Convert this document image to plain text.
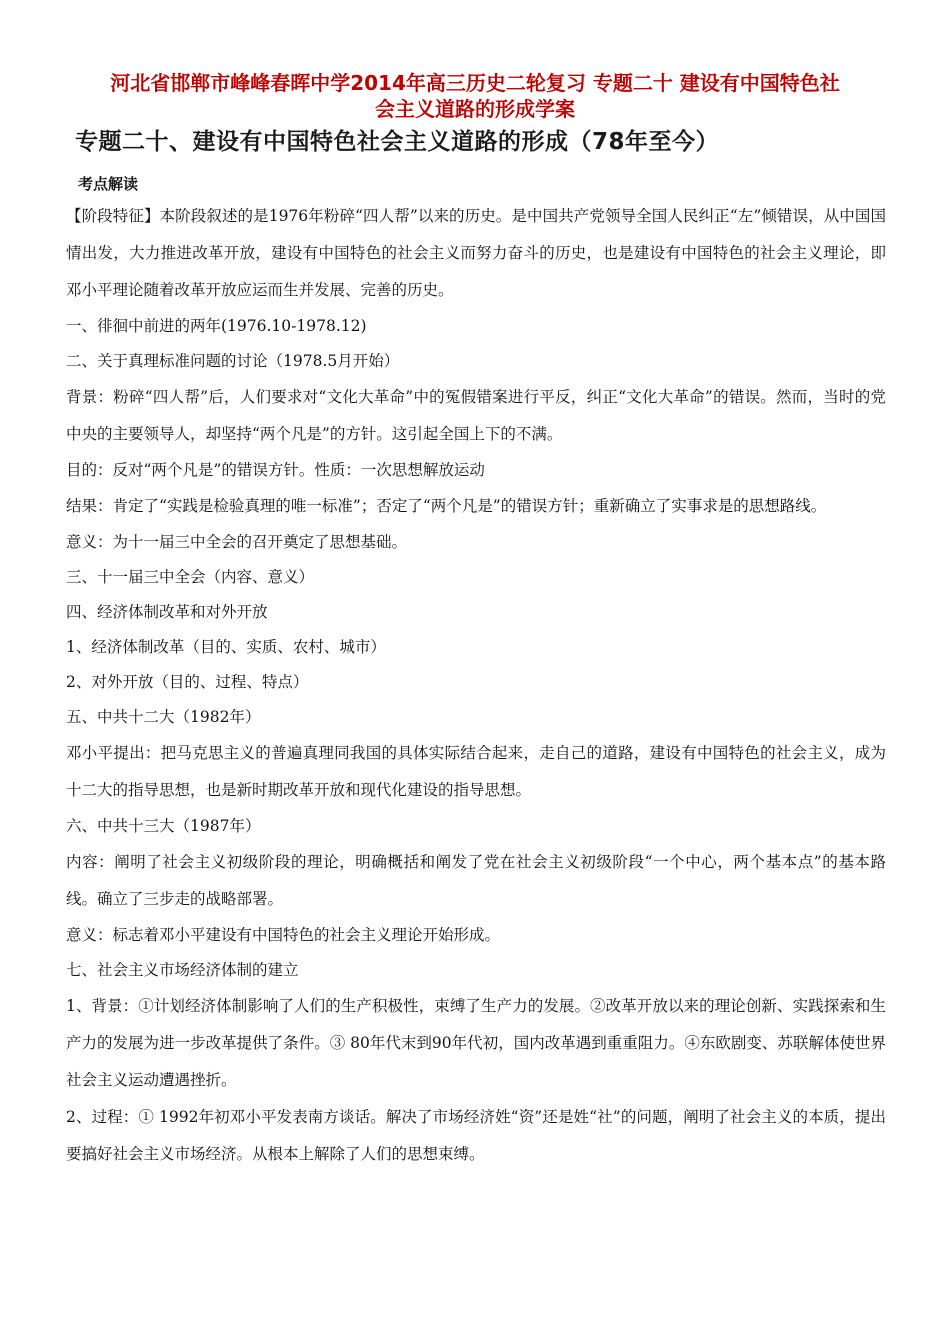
河北省邯郸市峰峰春晖中学2014年高三历史二轮复习 专题二十 建设有中国特色社
会主义道路的形成学案
专题二十、建设有中国特色社会主义道路的形成（78年至今）
考点解读

【阶段特征】本阶段叙述的是1976年粉碎“四人帮”以来的历史。是中国共产党领导全国人民纠正“左”倾错误，从中国国情出发，大力推进改革开放，建设有中国特色的社会主义而努力奋斗的历史，也是建设有中国特色的社会主义理论，即邓小平理论随着改革开放应运而生并发展、完善的历史。

一、徘徊中前进的两年(1976.10-1978.12)

二、关于真理标准问题的讨论（1978.5月开始）

背景：粉碎“四人帮”后，人们要求对“文化大革命”中的冤假错案进行平反，纠正“文化大革命”的错误。然而，当时的党中央的主要领导人，却坚持“两个凡是”的方针。这引起全国上下的不满。

目的：反对“两个凡是”的错误方针。性质：一次思想解放运动

结果：肯定了“实践是检验真理的唯一标准”；否定了“两个凡是”的错误方针；重新确立了实事求是的思想路线。

意义：为十一届三中全会的召开奠定了思想基础。

三、十一届三中全会（内容、意义）

四、经济体制改革和对外开放

1、经济体制改革（目的、实质、农村、城市）

2、对外开放（目的、过程、特点）

五、中共十二大（1982年）

邓小平提出：把马克思主义的普遍真理同我国的具体实际结合起来，走自己的道路，建设有中国特色的社会主义，成为十二大的指导思想，也是新时期改革开放和现代化建设的指导思想。

六、中共十三大（1987年）

内容：阐明了社会主义初级阶段的理论，明确概括和阐发了党在社会主义初级阶段“一个中心，两个基本点”的基本路线。确立了三步走的战略部署。

意义：标志着邓小平建设有中国特色的社会主义理论开始形成。

七、社会主义市场经济体制的建立

1、背景：①计划经济体制影响了人们的生产积极性，束缚了生产力的发展。②改革开放以来的理论创新、实践探索和生产力的发展为进一步改革提供了条件。③ 80年代末到90年代初，国内改革遇到重重阻力。④东欧剧变、苏联解体使世界社会主义运动遭遇挫折。

2、过程：① 1992年初邓小平发表南方谈话。解决了市场经济姓“资”还是姓“社”的问题，阐明了社会主义的本质，提出要搞好社会主义市场经济。从根本上解除了人们的思想束缚。
